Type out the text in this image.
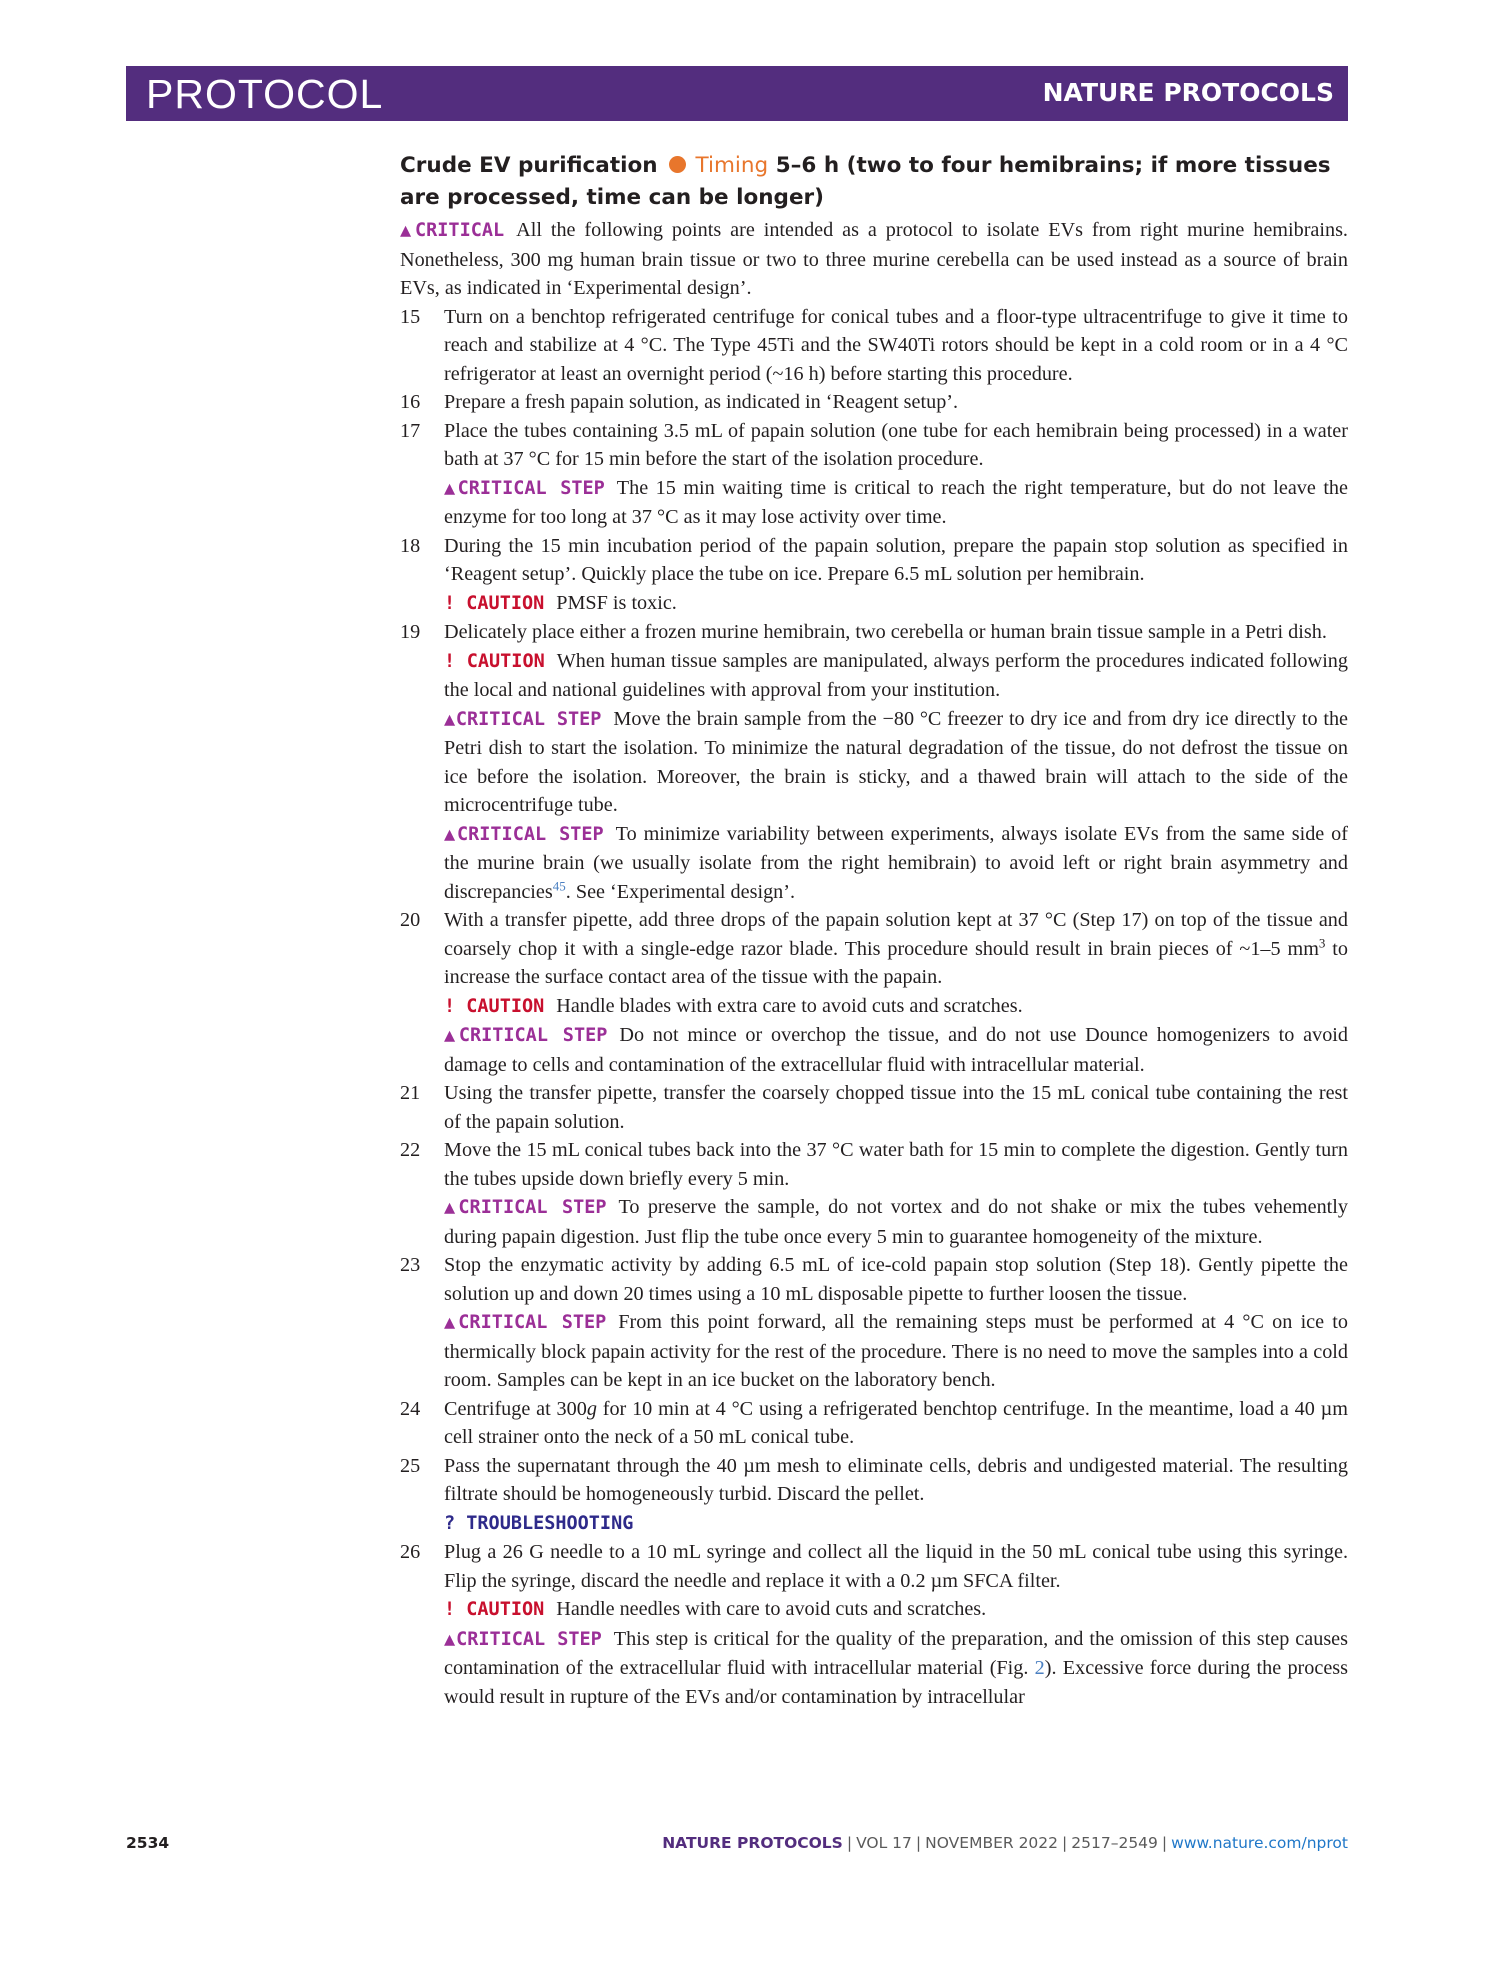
PROTOCOL	NATURE PROTOCOLS
Crude EV purification Timing 5–6 h (two to four hemibrains; if more tissues are processed, time can be longer)

▲CRITICAL All the following points are intended as a protocol to isolate EVs from right murine hemibrains. Nonetheless, 300 mg human brain tissue or two to three murine cerebella can be used instead as a source of brain EVs, as indicated in ‘Experimental design’.

15 Turn on a benchtop refrigerated centrifuge for conical tubes and a floor-type ultracentrifuge to give it time to reach and stabilize at 4 °C. The Type 45Ti and the SW40Ti rotors should be kept in a cold room or in a 4 °C refrigerator at least an overnight period (~16 h) before starting this procedure.

16 Prepare a fresh papain solution, as indicated in ‘Reagent setup’.

17 Place the tubes containing 3.5 mL of papain solution (one tube for each hemibrain being processed) in a water bath at 37 °C for 15 min before the start of the isolation procedure.

▲CRITICAL STEP The 15 min waiting time is critical to reach the right temperature, but do not leave the enzyme for too long at 37 °C as it may lose activity over time.

18 During the 15 min incubation period of the papain solution, prepare the papain stop solution as specified in ‘Reagent setup’. Quickly place the tube on ice. Prepare 6.5 mL solution per hemibrain.

! CAUTION PMSF is toxic.

19 Delicately place either a frozen murine hemibrain, two cerebella or human brain tissue sample in a Petri dish.

! CAUTION When human tissue samples are manipulated, always perform the procedures indicated following the local and national guidelines with approval from your institution.

▲CRITICAL STEP Move the brain sample from the −80 °C freezer to dry ice and from dry ice directly to the Petri dish to start the isolation. To minimize the natural degradation of the tissue, do not defrost the tissue on ice before the isolation. Moreover, the brain is sticky, and a thawed brain will attach to the side of the microcentrifuge tube.

▲CRITICAL STEP To minimize variability between experiments, always isolate EVs from the same side of the murine brain (we usually isolate from the right hemibrain) to avoid left or right brain asymmetry and discrepancies$^{45}$. See ‘Experimental design’.

20 With a transfer pipette, add three drops of the papain solution kept at 37 °C (Step 17) on top of the tissue and coarsely chop it with a single-edge razor blade. This procedure should result in brain pieces of ~1–5 $mm^3$ to increase the surface contact area of the tissue with the papain.

! CAUTION Handle blades with extra care to avoid cuts and scratches.

▲CRITICAL STEP Do not mince or overchop the tissue, and do not use Dounce homogenizers to avoid damage to cells and contamination of the extracellular fluid with intracellular material.

21 Using the transfer pipette, transfer the coarsely chopped tissue into the 15 mL conical tube containing the rest of the papain solution.

22 Move the 15 mL conical tubes back into the 37 °C water bath for 15 min to complete the digestion. Gently turn the tubes upside down briefly every 5 min.

▲CRITICAL STEP To preserve the sample, do not vortex and do not shake or mix the tubes vehemently during papain digestion. Just flip the tube once every 5 min to guarantee homogeneity of the mixture.

23 Stop the enzymatic activity by adding 6.5 mL of ice-cold papain stop solution (Step 18). Gently pipette the solution up and down 20 times using a 10 mL disposable pipette to further loosen the tissue.

▲CRITICAL STEP From this point forward, all the remaining steps must be performed at 4 °C on ice to thermically block papain activity for the rest of the procedure. There is no need to move the samples into a cold room. Samples can be kept in an ice bucket on the laboratory bench.

24 Centrifuge at 300g for 10 min at 4 °C using a refrigerated benchtop centrifuge. In the meantime, load a 40 µm cell strainer onto the neck of a 50 mL conical tube.

25 Pass the supernatant through the 40 µm mesh to eliminate cells, debris and undigested material. The resulting filtrate should be homogeneously turbid. Discard the pellet.

? TROUBLESHOOTING

26 Plug a 26 G needle to a 10 mL syringe and collect all the liquid in the 50 mL conical tube using this syringe. Flip the syringe, discard the needle and replace it with a 0.2 µm SFCA filter.

! CAUTION Handle needles with care to avoid cuts and scratches.

▲CRITICAL STEP This step is critical for the quality of the preparation, and the omission of this step causes contamination of the extracellular fluid with intracellular material (Fig. 2). Excessive force during the process would result in rupture of the EVs and/or contamination by intracellular

2534	NATURE PROTOCOLS | VOL 17 | NOVEMBER 2022 | 2517–2549 | www.nature.com/nprot
